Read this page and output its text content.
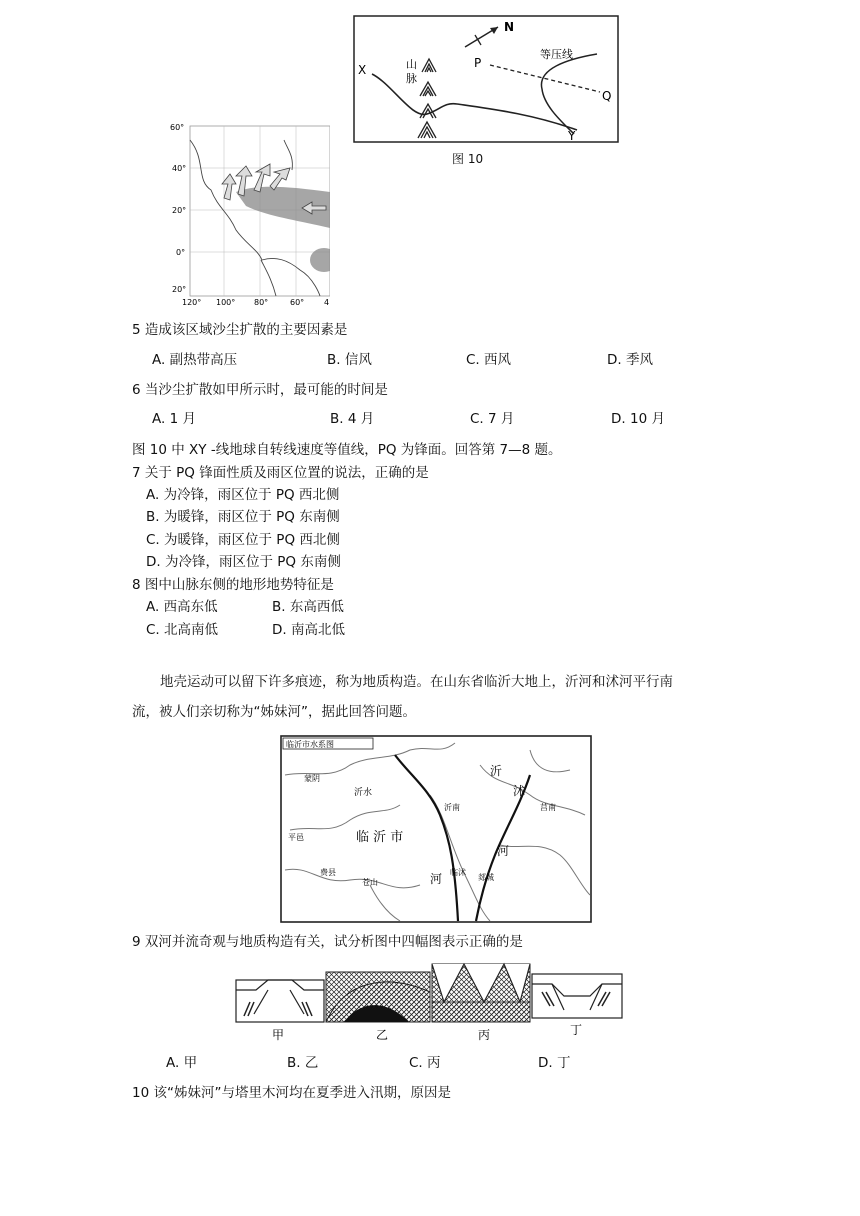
N
X
Y
山 脉
P
Q
等压线
图 10
60°
40°
20°
0°
20°
120° 100° 80°	60° 4
5 造成该区域沙尘扩散的主要因素是
A. 副热带高压	B. 信风	C. 西风	D. 季风
6 当沙尘扩散如甲所示时，最可能的时间是
A. 1 月	B. 4 月	C. 7 月	D. 10 月
图 10 中 XY -线地球自转线速度等值线，PQ 为锋面。回答第 7—8 题。
7 关于 PQ 锋面性质及雨区位置的说法，正确的是
A. 为冷锋，雨区位于 PQ 西北侧
B. 为暖锋，雨区位于 PQ 东南侧
C. 为暖锋，雨区位于 PQ 西北侧
D. 为冷锋，雨区位于 PQ 东南侧
8 图中山脉东侧的地形地势特征是
A. 西高东低	B. 东高西低
C. 北高南低	D. 南高北低
地壳运动可以留下许多痕迹，称为地质构造。在山东省临沂大地上，沂河和沭河平行南
流，被人们亲切称为“姊妹河”，据此回答问题。
临沂市水系图
沂水
蒙阴
平邑
费县
沂南
临沭
苍山
郯城
莒南
沭
河
沂
河
临 沂 市
9 双河并流奇观与地质构造有关，试分析图中四幅图表示正确的是
甲	乙	丙	丁
A. 甲	B. 乙	C. 丙	D. 丁
10 该“姊妹河”与塔里木河均在夏季进入汛期，原因是
